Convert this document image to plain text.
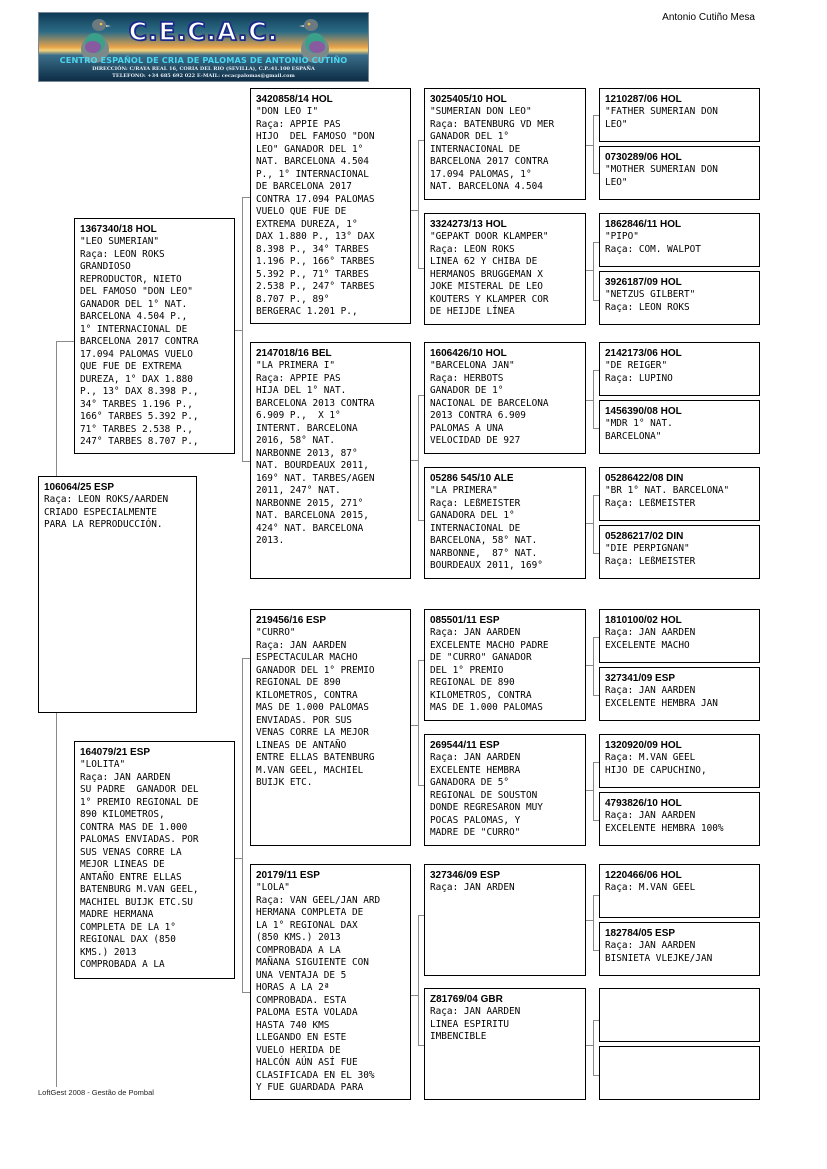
C.E.C.A.C.
CENTRO ESPAÑOL DE CRIA DE PALOMAS DE ANTONIO CUTIÑO
DIRECCIÓN: C/RAYA REAL 16, CORIA DEL RIO (SEVILLA), C.P.:41.100 ESPAÑA
TELEFONO: +34 685 692 022 E-MAIL: cecacpalomas@gmail.com
Antonio Cutiño Mesa
LoftGest 2008 - Gestão de Pombal
106064/25 ESP
Raça: LEON ROKS/AARDEN
CRIADO ESPECIALMENTE
PARA LA REPRODUCCIÓN.
1367340/18 HOL
"LEO SUMERIAN"
Raça: LEON ROKS
GRANDIOSO
REPRODUCTOR, NIETO
DEL FAMOSO "DON LEO"
GANADOR DEL 1° NAT.
BARCELONA 4.504 P.,
1° INTERNACIONAL DE
BARCELONA 2017 CONTRA
17.094 PALOMAS VUELO
QUE FUE DE EXTREMA
DUREZA, 1° DAX 1.880
P., 13° DAX 8.398 P.,
34° TARBES 1.196 P.,
166° TARBES 5.392 P.,
71° TARBES 2.538 P.,
247° TARBES 8.707 P.,
164079/21 ESP
"LOLITA"
Raça: JAN AARDEN
SU PADRE  GANADOR DEL
1° PREMIO REGIONAL DE
890 KILOMETROS,
CONTRA MAS DE 1.000
PALOMAS ENVIADAS. POR
SUS VENAS CORRE LA
MEJOR LINEAS DE
ANTAÑO ENTRE ELLAS
BATENBURG M.VAN GEEL,
MACHIEL BUIJK ETC.SU
MADRE HERMANA
COMPLETA DE LA 1°
REGIONAL DAX (850
KMS.) 2013
COMPROBADA A LA
3420858/14 HOL
"DON LEO I"
Raça: APPIE PAS
HIJO  DEL FAMOSO "DON
LEO" GANADOR DEL 1°
NAT. BARCELONA 4.504
P., 1° INTERNACIONAL
DE BARCELONA 2017
CONTRA 17.094 PALOMAS
VUELO QUE FUE DE
EXTREMA DUREZA, 1°
DAX 1.880 P., 13° DAX
8.398 P., 34° TARBES
1.196 P., 166° TARBES
5.392 P., 71° TARBES
2.538 P., 247° TARBES
8.707 P., 89°
BERGERAC 1.201 P.,
2147018/16 BEL
"LA PRIMERA I"
Raça: APPIE PAS
HIJA DEL 1° NAT.
BARCELONA 2013 CONTRA
6.909 P.,  X 1°
INTERNT. BARCELONA
2016, 58° NAT.
NARBONNE 2013, 87°
NAT. BOURDEAUX 2011,
169° NAT. TARBES/AGEN
2011, 247° NAT.
NARBONNE 2015, 271°
NAT. BARCELONA 2015,
424° NAT. BARCELONA
2013.
219456/16 ESP
"CURRO"
Raça: JAN AARDEN
ESPECTACULAR MACHO
GANADOR DEL 1° PREMIO
REGIONAL DE 890
KILOMETROS, CONTRA
MAS DE 1.000 PALOMAS
ENVIADAS. POR SUS
VENAS CORRE LA MEJOR
LINEAS DE ANTAÑO
ENTRE ELLAS BATENBURG
M.VAN GEEL, MACHIEL
BUIJK ETC.
20179/11 ESP
"LOLA"
Raça: VAN GEEL/JAN ARD
HERMANA COMPLETA DE
LA 1° REGIONAL DAX
(850 KMS.) 2013
COMPROBADA A LA
MAÑANA SIGUIENTE CON
UNA VENTAJA DE 5
HORAS A LA 2ª
COMPROBADA. ESTA
PALOMA ESTA VOLADA
HASTA 740 KMS
LLEGANDO EN ESTE
VUELO HERIDA DE
HALCÓN AÚN ASÍ FUE
CLASIFICADA EN EL 30%
Y FUE GUARDADA PARA
3025405/10 HOL
"SUMERIAN DON LEO"
Raça: BATENBURG VD MER
GANADOR DEL 1°
INTERNACIONAL DE
BARCELONA 2017 CONTRA
17.094 PALOMAS, 1°
NAT. BARCELONA 4.504
3324273/13 HOL
"GEPAKT DOOR KLAMPER"
Raça: LEON ROKS
LINEA 62 Y CHIBA DE
HERMANOS BRUGGEMAN X
JOKE MISTERAL DE LEO
KOUTERS Y KLAMPER COR
DE HEIJDE LÍNEA
1606426/10 HOL
"BARCELONA JAN"
Raça: HERBOTS
GANADOR DE 1°
NACIONAL DE BARCELONA
2013 CONTRA 6.909
PALOMAS A UNA
VELOCIDAD DE 927
05286 545/10 ALE
"LA PRIMERA"
Raça: LEßMEISTER
GANADORA DEL 1°
INTERNACIONAL DE
BARCELONA, 58° NAT.
NARBONNE,  87° NAT.
BOURDEAUX 2011, 169°
085501/11 ESP
Raça: JAN AARDEN
EXCELENTE MACHO PADRE
DE "CURRO" GANADOR
DEL 1° PREMIO
REGIONAL DE 890
KILOMETROS, CONTRA
MAS DE 1.000 PALOMAS
269544/11 ESP
Raça: JAN AARDEN
EXCELENTE HEMBRA
GANADORA DE 5°
REGIONAL DE SOUSTON
DONDE REGRESARON MUY
POCAS PALOMAS, Y
MADRE DE "CURRO"
327346/09 ESP
Raça: JAN ARDEN
Z81769/04 GBR
Raça: JAN AARDEN
LINEA ESPIRITU
IMBENCIBLE
1210287/06 HOL
"FATHER SUMERIAN DON
LEO"
0730289/06 HOL
"MOTHER SUMERIAN DON
LEO"
1862846/11 HOL
"PIPO"
Raça: COM. WALPOT
3926187/09 HOL
"NETZUS GILBERT"
Raça: LEON ROKS
2142173/06 HOL
"DE REIGER"
Raça: LUPINO
1456390/08 HOL
"MDR 1° NAT.
BARCELONA"
05286422/08 DIN
"BR 1° NAT. BARCELONA"
Raça: LEßMEISTER
05286217/02 DIN
"DIE PERPIGNAN"
Raça: LEßMEISTER
1810100/02 HOL
Raça: JAN AARDEN
EXCELENTE MACHO
327341/09 ESP
Raça: JAN AARDEN
EXCELENTE HEMBRA JAN
1320920/09 HOL
Raça: M.VAN GEEL
HIJO DE CAPUCHINO,
4793826/10 HOL
Raça: JAN AARDEN
EXCELENTE HEMBRA 100%
1220466/06 HOL
Raça: M.VAN GEEL
182784/05 ESP
Raça: JAN AARDEN
BISNIETA VLEJKE/JAN
